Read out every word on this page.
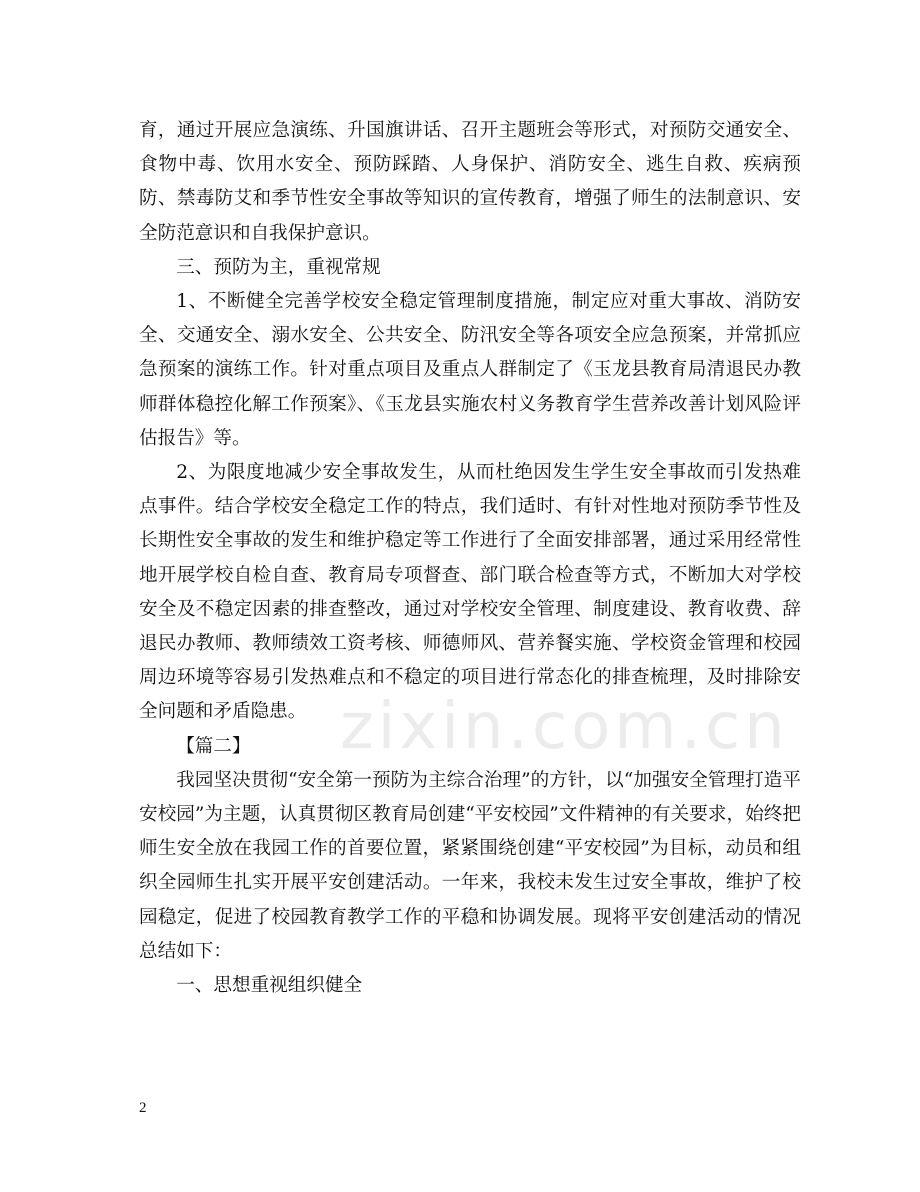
育，通过开展应急演练、升国旗讲话、召开主题班会等形式，对预防交通安全、食物中毒、饮用水安全、预防踩踏、人身保护、消防安全、逃生自救、疾病预防、禁毒防艾和季节性安全事故等知识的宣传教育，增强了师生的法制意识、安全防范意识和自我保护意识。

三、预防为主，重视常规

1、不断健全完善学校安全稳定管理制度措施，制定应对重大事故、消防安全、交通安全、溺水安全、公共安全、防汛安全等各项安全应急预案，并常抓应急预案的演练工作。针对重点项目及重点人群制定了《玉龙县教育局清退民办教师群体稳控化解工作预案》、《玉龙县实施农村义务教育学生营养改善计划风险评估报告》等。

2、为限度地减少安全事故发生，从而杜绝因发生学生安全事故而引发热难点事件。结合学校安全稳定工作的特点，我们适时、有针对性地对预防季节性及长期性安全事故的发生和维护稳定等工作进行了全面安排部署，通过采用经常性地开展学校自检自查、教育局专项督查、部门联合检查等方式，不断加大对学校安全及不稳定因素的排查整改，通过对学校安全管理、制度建设、教育收费、辞退民办教师、教师绩效工资考核、师德师风、营养餐实施、学校资金管理和校园周边环境等容易引发热难点和不稳定的项目进行常态化的排查梳理，及时排除安全问题和矛盾隐患。

【篇二】

我园坚决贯彻“安全第一预防为主综合治理”的方针，以“加强安全管理打造平安校园”为主题，认真贯彻区教育局创建“平安校园”文件精神的有关要求，始终把师生安全放在我园工作的首要位置，紧紧围绕创建“平安校园”为目标，动员和组织全园师生扎实开展平安创建活动。一年来，我校未发生过安全事故，维护了校园稳定，促进了校园教育教学工作的平稳和协调发展。现将平安创建活动的情况总结如下：

一、思想重视组织健全

zixin.com.cn
2
